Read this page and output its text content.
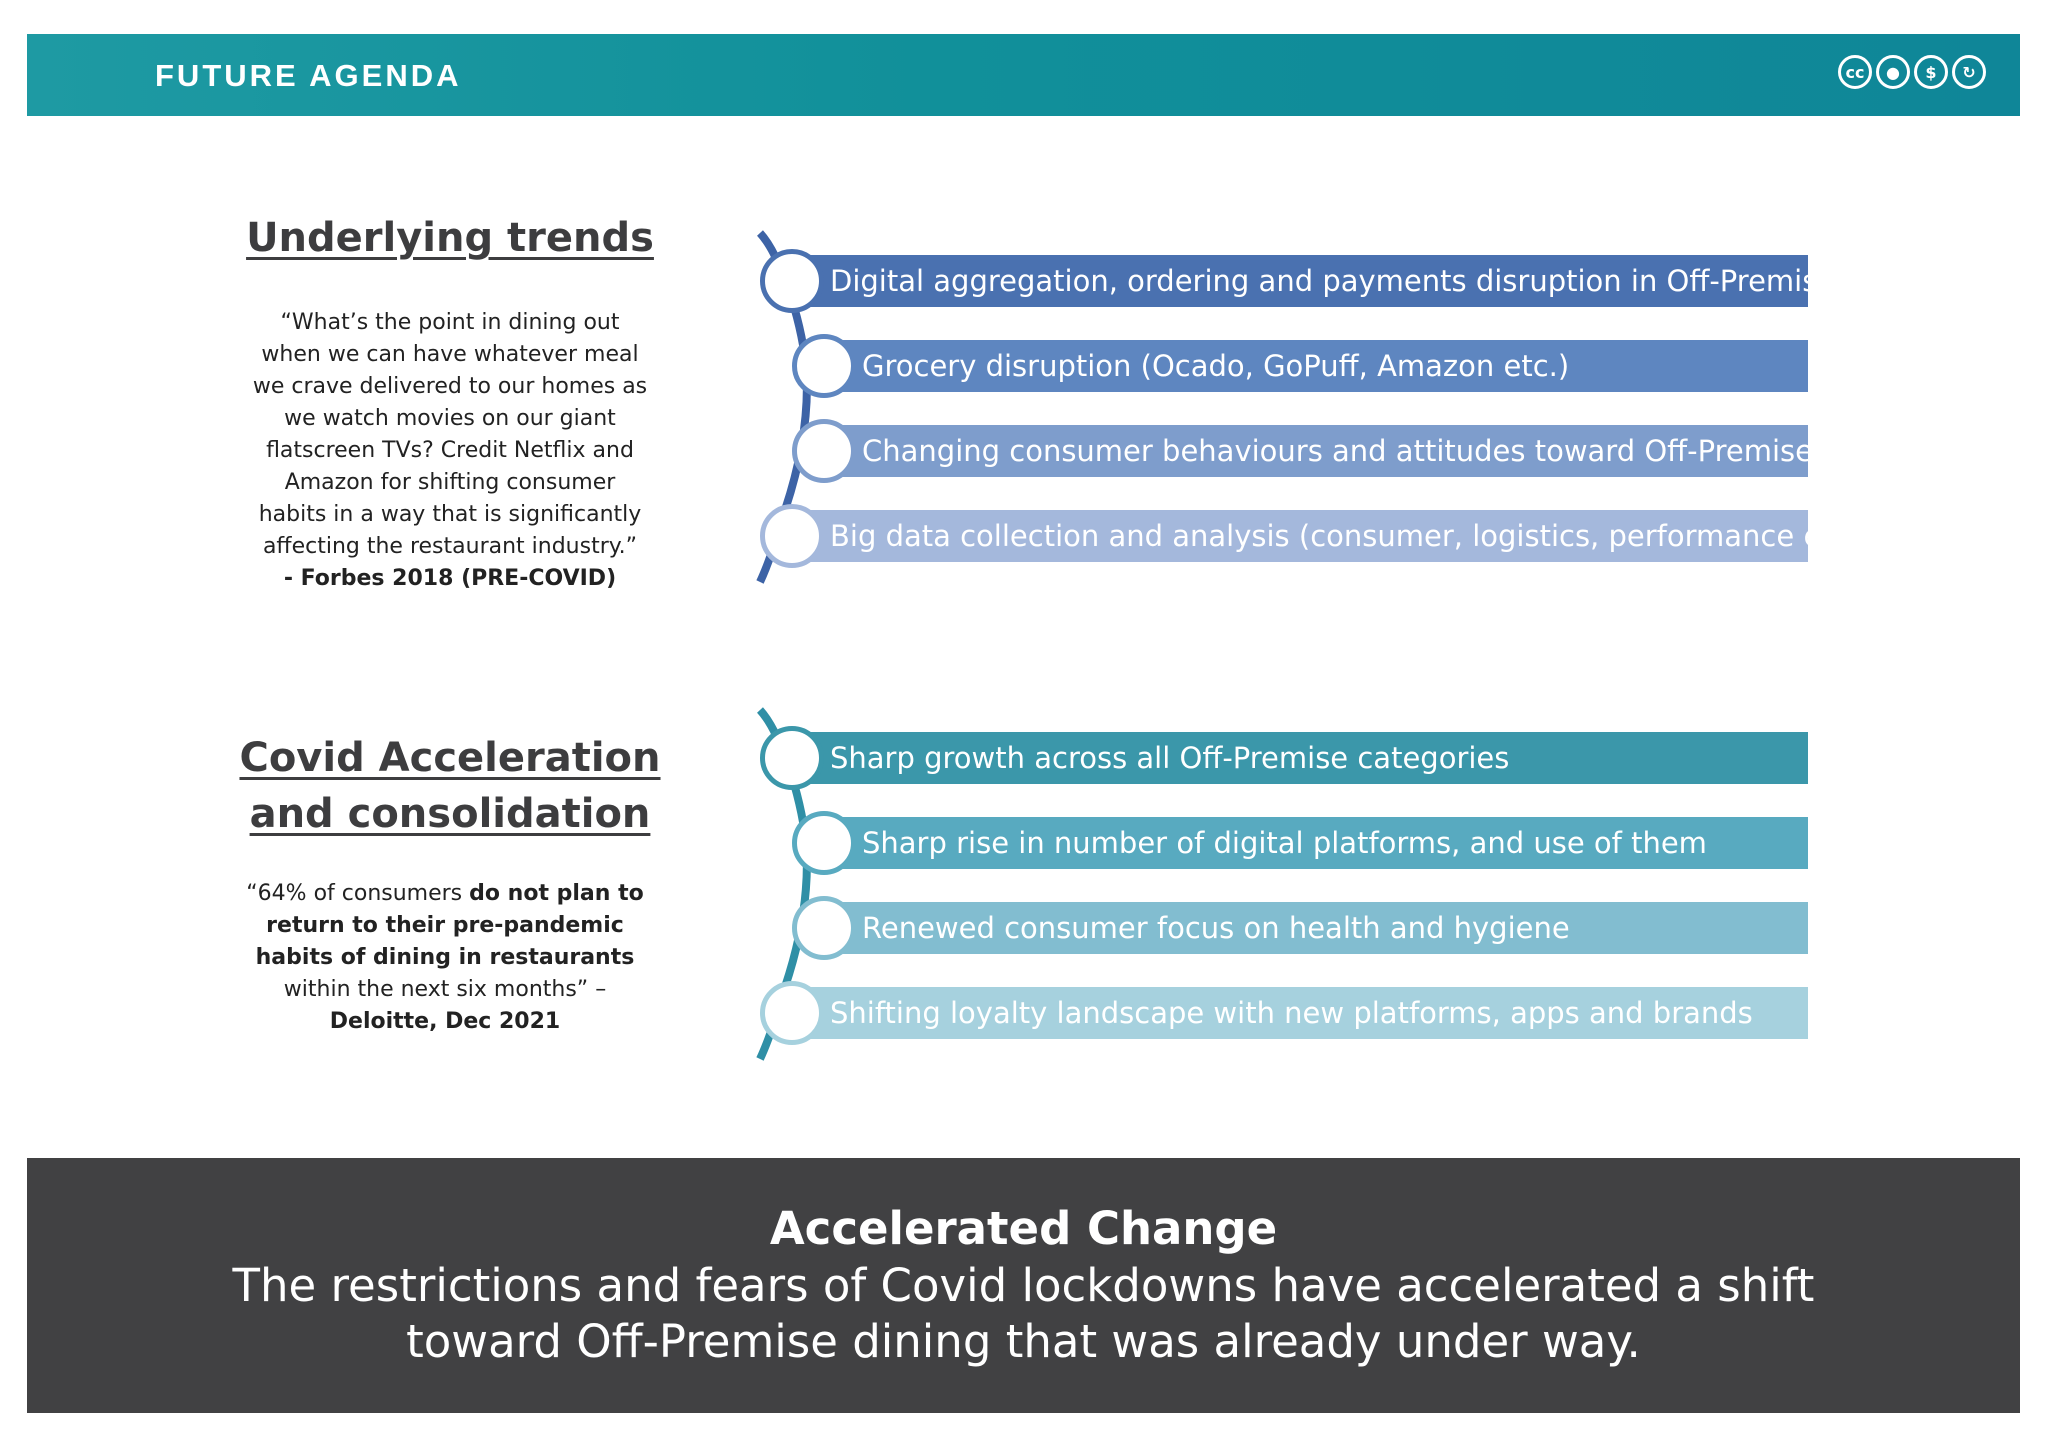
FUTURE AGENDA	cc	●	$	↻
Underlying trends
“What’s the point in dining out
when we can have whatever meal
we crave delivered to our homes as
we watch movies on our giant
flatscreen TVs? Credit Netflix and
Amazon for shifting consumer
habits in a way that is significantly
affecting the restaurant industry.”
- Forbes 2018 (PRE-COVID)
Covid Acceleration
and consolidation
“64% of consumers do not plan to return to their pre-pandemic habits of dining in restaurants within the next six months” –
Deloitte, Dec 2021
Digital aggregation, ordering and payments disruption in Off-Premise
Grocery disruption (Ocado, GoPuff, Amazon etc.)
Changing consumer behaviours and attitudes toward Off-Premise
Big data collection and analysis (consumer, logistics, performance etc.)
Sharp growth across all Off-Premise categories
Sharp rise in number of digital platforms, and use of them
Renewed consumer focus on health and hygiene
Shifting loyalty landscape with new platforms, apps and brands
Accelerated Change
The restrictions and fears of Covid lockdowns have accelerated a shift toward Off-Premise dining that was already under way.
